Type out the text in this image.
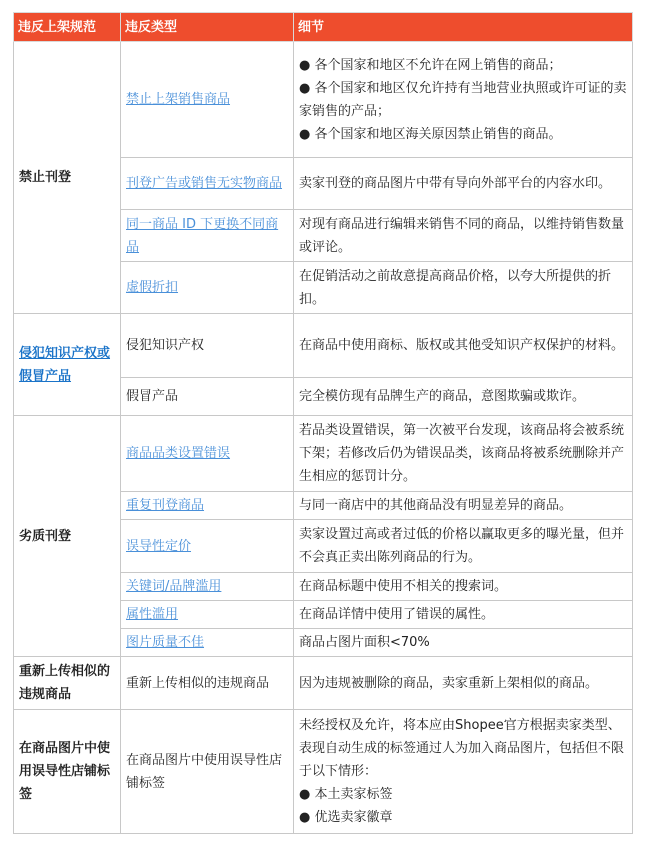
违反上架规范	违反类型	细节
禁止刊登	禁止上架销售商品	● 各个国家和地区不允许在网上销售的商品；
● 各个国家和地区仅允许持有当地营业执照或许可证的卖家销售的产品；
● 各个国家和地区海关原因禁止销售的商品。

	刊登广告或销售无实物商品	卖家刊登的商品图片中带有导向外部平台的内容水印。
	同一商品 ID 下更换不同商品	对现有商品进行编辑来销售不同的商品，以维持销售数量或评论。
	虚假折扣	在促销活动之前故意提高商品价格，以夸大所提供的折扣。
侵犯知识产权或假冒产品	侵犯知识产权	在商品中使用商标、版权或其他受知识产权保护的材料。
	假冒产品	完全模仿现有品牌生产的商品，意图欺骗或欺诈。
劣质刊登	商品品类设置错误	若品类设置错误，第一次被平台发现，该商品将会被系统下架；若修改后仍为错误品类，该商品将被系统删除并产生相应的惩罚计分。
	重复刊登商品	与同一商店中的其他商品没有明显差异的商品。
	误导性定价	卖家设置过高或者过低的价格以赢取更多的曝光量，但并不会真正卖出陈列商品的行为。
	关键词/品牌滥用	在商品标题中使用不相关的搜索词。
	属性滥用	在商品详情中使用了错误的属性。
	图片质量不佳	商品占图片面积<70%
重新上传相似的违规商品	重新上传相似的违规商品	因为违规被删除的商品，卖家重新上架相似的商品。
在商品图片中使用误导性店铺标签	在商品图片中使用误导性店铺标签	未经授权及允许，将本应由Shopee官方根据卖家类型、表现自动生成的标签通过人为加入商品图片，包括但不限于以下情形：
● 本土卖家标签
● 优选卖家徽章
